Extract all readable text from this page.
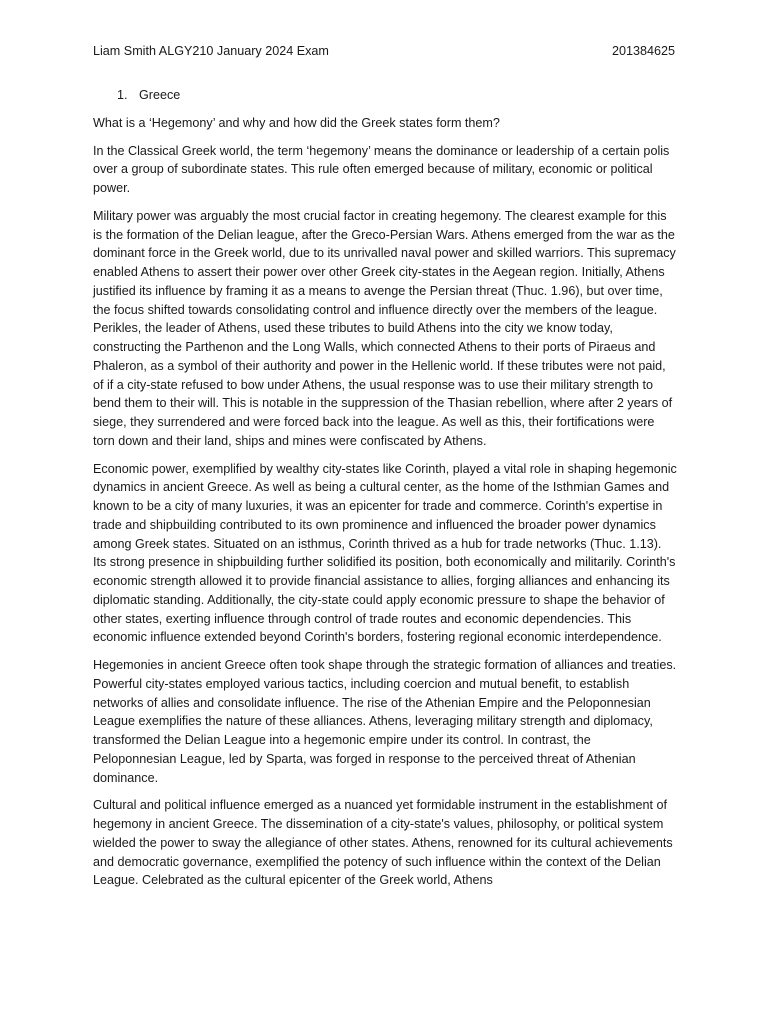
Liam Smith ALGY210 January 2024 Exam	201384625
1. Greece

What is a ‘Hegemony’ and why and how did the Greek states form them?

In the Classical Greek world, the term ‘hegemony’ means the dominance or leadership of a certain polis over a group of subordinate states. This rule often emerged because of military, economic or political power.

Military power was arguably the most crucial factor in creating hegemony. The clearest example for this is the formation of the Delian league, after the Greco-Persian Wars. Athens emerged from the war as the dominant force in the Greek world, due to its unrivalled naval power and skilled warriors. This supremacy enabled Athens to assert their power over other Greek city-states in the Aegean region. Initially, Athens justified its influence by framing it as a means to avenge the Persian threat (Thuc. 1.96), but over time, the focus shifted towards consolidating control and influence directly over the members of the league. Perikles, the leader of Athens, used these tributes to build Athens into the city we know today, constructing the Parthenon and the Long Walls, which connected Athens to their ports of Piraeus and Phaleron, as a symbol of their authority and power in the Hellenic world. If these tributes were not paid, of if a city-state refused to bow under Athens, the usual response was to use their military strength to bend them to their will. This is notable in the suppression of the Thasian rebellion, where after 2 years of siege, they surrendered and were forced back into the league. As well as this, their fortifications were torn down and their land, ships and mines were confiscated by Athens.

Economic power, exemplified by wealthy city-states like Corinth, played a vital role in shaping hegemonic dynamics in ancient Greece. As well as being a cultural center, as the home of the Isthmian Games and known to be a city of many luxuries, it was an epicenter for trade and commerce. Corinth's expertise in trade and shipbuilding contributed to its own prominence and influenced the broader power dynamics among Greek states. Situated on an isthmus, Corinth thrived as a hub for trade networks (Thuc. 1.13). Its strong presence in shipbuilding further solidified its position, both economically and militarily. Corinth's economic strength allowed it to provide financial assistance to allies, forging alliances and enhancing its diplomatic standing. Additionally, the city-state could apply economic pressure to shape the behavior of other states, exerting influence through control of trade routes and economic dependencies. This economic influence extended beyond Corinth's borders, fostering regional economic interdependence.

Hegemonies in ancient Greece often took shape through the strategic formation of alliances and treaties. Powerful city-states employed various tactics, including coercion and mutual benefit, to establish networks of allies and consolidate influence. The rise of the Athenian Empire and the Peloponnesian League exemplifies the nature of these alliances. Athens, leveraging military strength and diplomacy, transformed the Delian League into a hegemonic empire under its control. In contrast, the Peloponnesian League, led by Sparta, was forged in response to the perceived threat of Athenian dominance.

Cultural and political influence emerged as a nuanced yet formidable instrument in the establishment of hegemony in ancient Greece. The dissemination of a city-state's values, philosophy, or political system wielded the power to sway the allegiance of other states. Athens, renowned for its cultural achievements and democratic governance, exemplified the potency of such influence within the context of the Delian League. Celebrated as the cultural epicenter of the Greek world, Athens
